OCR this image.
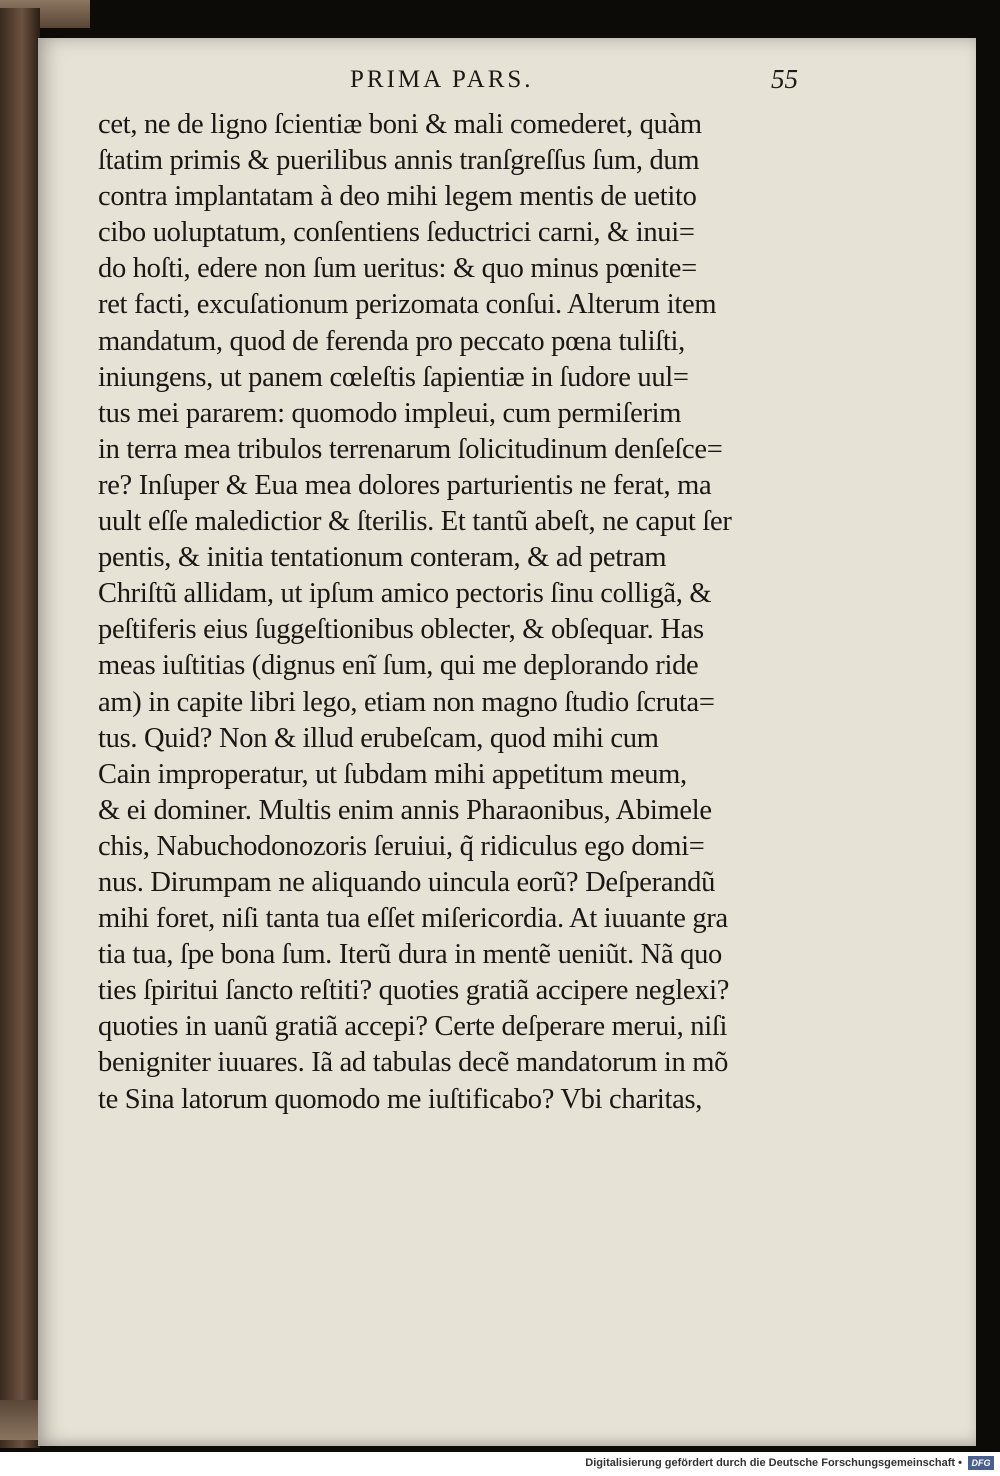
PRIMA PARS.	55
cet, ne de ligno ſcientiæ boni & mali comederet, quàm
ſtatim primis & puerilibus annis tranſgreſſus ſum, dum
contra implantatam à deo mihi legem mentis de uetito
cibo uoluptatum, conſentiens ſeductrici carni, & inui=
do hoſti, edere non ſum ueritus: & quo minus pœnite=
ret facti, excuſationum perizomata conſui. Alterum item
mandatum, quod de ferenda pro peccato pœna tuliſti,
iniungens, ut panem cœleſtis ſapientiæ in ſudore uul=
tus mei pararem: quomodo impleui, cum permiſerim
in terra mea tribulos terrenarum ſolicitudinum denſeſce=
re? Inſuper & Eua mea dolores parturientis ne ferat, ma
uult eſſe maledictior & ſterilis. Et tantũ abeſt, ne caput ſer
pentis, & initia tentationum conteram, & ad petram
Chriſtũ allidam, ut ipſum amico pectoris ſinu colligã, &
peſtiferis eius ſuggeſtionibus oblecter, & obſequar. Has
meas iuſtitias (dignus enĩ ſum, qui me deplorando ride
am) in capite libri lego, etiam non magno ſtudio ſcruta=
tus. Quid? Non & illud erubeſcam, quod mihi cum
Cain improperatur, ut ſubdam mihi appetitum meum,
& ei dominer. Multis enim annis Pharaonibus, Abimele
chis, Nabuchodonozoris ſeruiui, q̃ ridiculus ego domi=
nus. Dirumpam ne aliquando uincula eorũ? Deſperandũ
mihi foret, niſi tanta tua eſſet miſericordia. At iuuante gra
tia tua, ſpe bona ſum. Iterũ dura in mentẽ ueniũt. Nã quo
ties ſpiritui ſancto reſtiti? quoties gratiã accipere neglexi?
quoties in uanũ gratiã accepi? Certe deſperare merui, niſi
benigniter iuuares. Iã ad tabulas decẽ mandatorum in mõ
te Sina latorum quomodo me iuſtificabo? Vbi charitas,
Digitalisierung gefördert durch die Deutsche Forschungsgemeinschaft •	DFG
